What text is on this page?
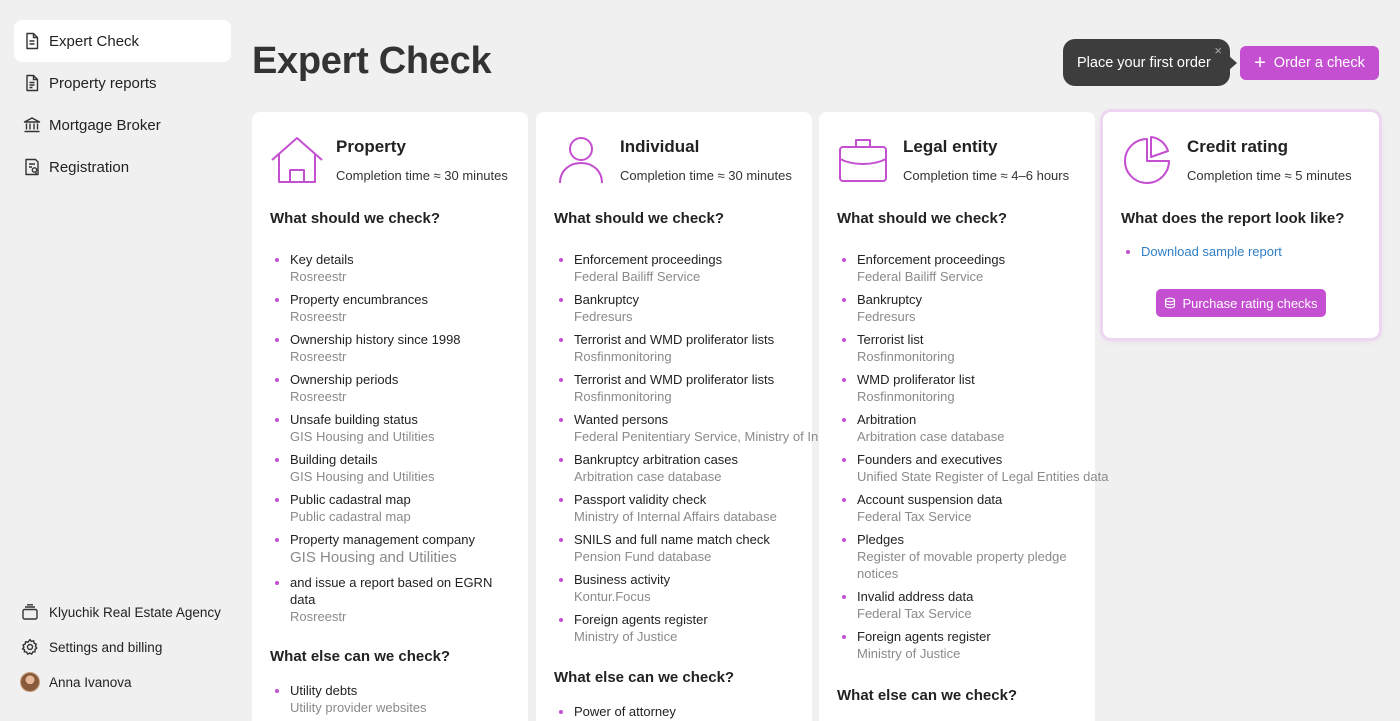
Expert Check
Property reports
Mortgage Broker
Registration
Klyuchik Real Estate Agency
Settings and billing
Anna Ivanova
Expert Check	Place your first order
×
+ Order a check
Property
Completion time ≈ 30 minutes
What should we check?
Key details
Rosreestr
Property encumbrances
Rosreestr
Ownership history since 1998
Rosreestr
Ownership periods
Rosreestr
Unsafe building status
GIS Housing and Utilities
Building details
GIS Housing and Utilities
Public cadastral map
Public cadastral map
Property management company
GIS Housing and Utilities
and issue a report based on EGRN
data
Rosreestr
What else can we check?
Utility debts
Utility provider websites
Individual
Completion time ≈ 30 minutes
What should we check?
Enforcement proceedings
Federal Bailiff Service
Bankruptcy
Fedresurs
Terrorist and WMD proliferator lists
Rosfinmonitoring
Terrorist and WMD proliferator lists
Rosfinmonitoring
Wanted persons
Federal Penitentiary Service, Ministry of In
Bankruptcy arbitration cases
Arbitration case database
Passport validity check
Ministry of Internal Affairs database
SNILS and full name match check
Pension Fund database
Business activity
Kontur.Focus
Foreign agents register
Ministry of Justice
What else can we check?
Power of attorney
Legal entity
Completion time ≈ 4–6 hours
What should we check?
Enforcement proceedings
Federal Bailiff Service
Bankruptcy
Fedresurs
Terrorist list
Rosfinmonitoring
WMD proliferator list
Rosfinmonitoring
Arbitration
Arbitration case database
Founders and executives
Unified State Register of Legal Entities data
Account suspension data
Federal Tax Service
Pledges
Register of movable property pledge
notices
Invalid address data
Federal Tax Service
Foreign agents register
Ministry of Justice
What else can we check?
Credit rating
Completion time ≈ 5 minutes
What does the report look like?
Download sample report
Purchase rating checks
